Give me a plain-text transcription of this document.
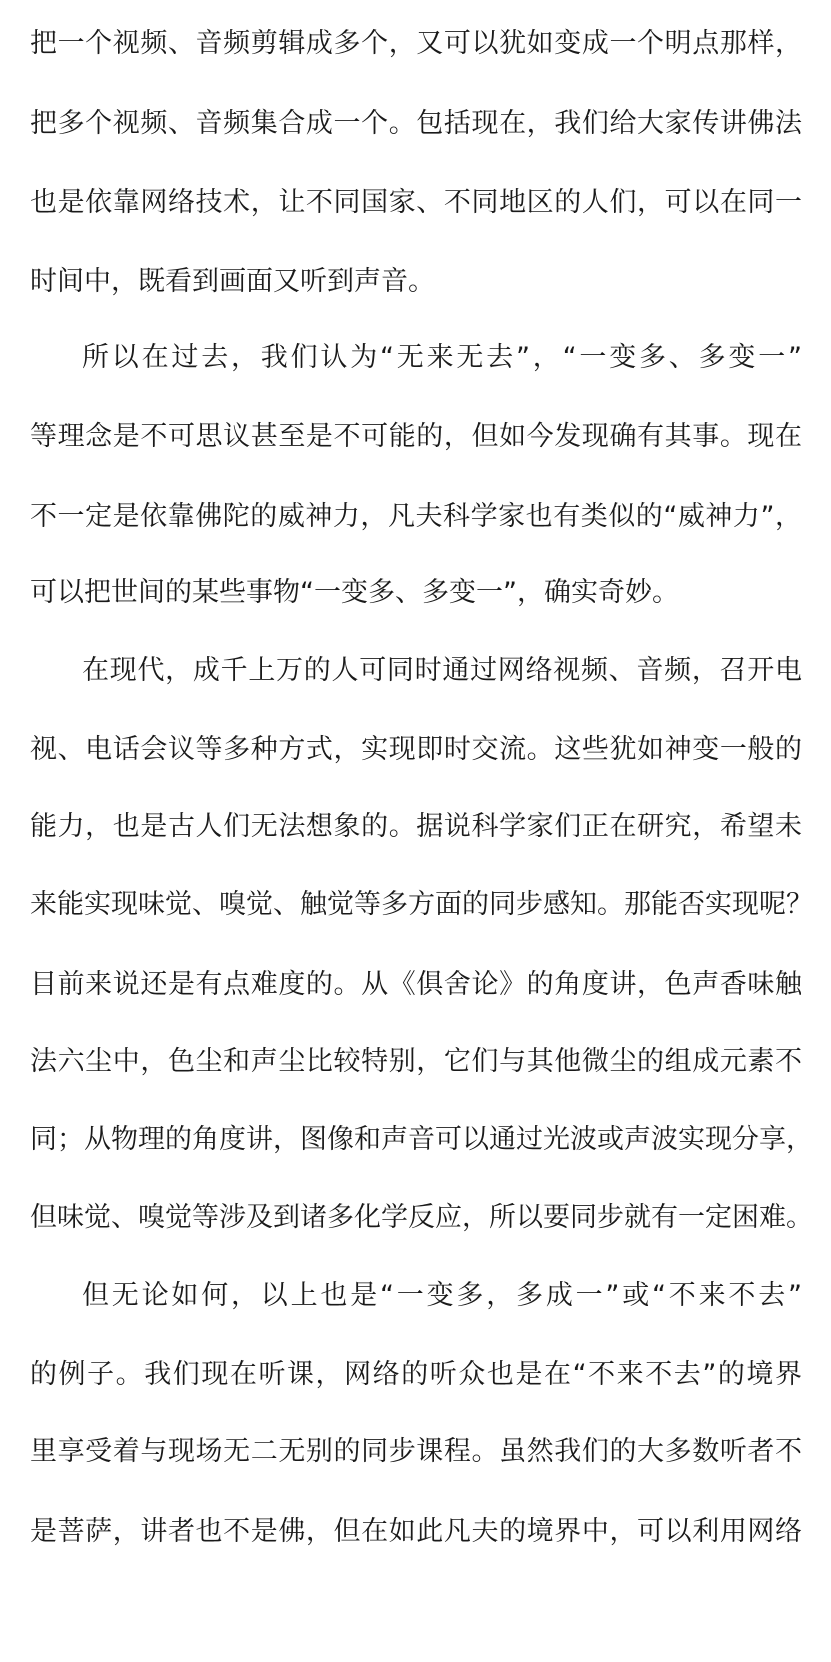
把一个视频、音频剪辑成多个，又可以犹如变成一个明点那样，
把多个视频、音频集合成一个。包括现在，我们给大家传讲佛法
也是依靠网络技术，让不同国家、不同地区的人们，可以在同一
时间中，既看到画面又听到声音。
所以在过去，我们认为“无来无去”，“一变多、多变一”
等理念是不可思议甚至是不可能的，但如今发现确有其事。现在
不一定是依靠佛陀的威神力，凡夫科学家也有类似的“威神力”，
可以把世间的某些事物“一变多、多变一”，确实奇妙。
在现代，成千上万的人可同时通过网络视频、音频，召开电
视、电话会议等多种方式，实现即时交流。这些犹如神变一般的
能力，也是古人们无法想象的。据说科学家们正在研究，希望未
来能实现味觉、嗅觉、触觉等多方面的同步感知。那能否实现呢？
目前来说还是有点难度的。从《俱舍论》的角度讲，色声香味触
法六尘中，色尘和声尘比较特别，它们与其他微尘的组成元素不
同；从物理的角度讲，图像和声音可以通过光波或声波实现分享，
但味觉、嗅觉等涉及到诸多化学反应，所以要同步就有一定困难。
但无论如何，以上也是“一变多，多成一”或“不来不去”
的例子。我们现在听课，网络的听众也是在“不来不去”的境界
里享受着与现场无二无别的同步课程。虽然我们的大多数听者不
是菩萨，讲者也不是佛，但在如此凡夫的境界中，可以利用网络
